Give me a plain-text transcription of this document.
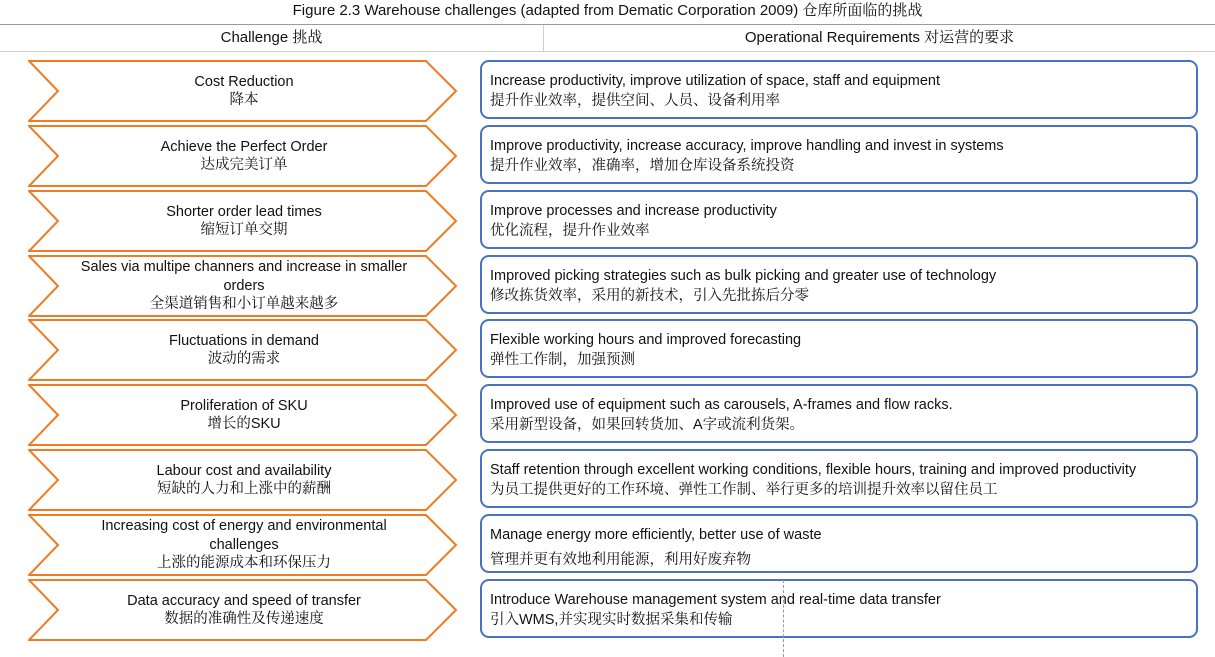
Figure 2.3 Warehouse challenges (adapted from Dematic Corporation 2009) 仓库所面临的挑战
Challenge 挑战	Operational Requirements 对运营的要求
Cost Reduction
降本
Increase productivity, improve utilization of space, staff and equipment
提升作业效率，提供空间、人员、设备利用率
Achieve the Perfect Order
达成完美订单
Improve productivity, increase accuracy, improve handling and invest in systems
提升作业效率，准确率，增加仓库设备系统投资
Shorter order lead times
缩短订单交期
Improve processes and increase productivity
优化流程，提升作业效率
Sales via multipe channers and increase in smaller orders
全渠道销售和小订单越来越多
Improved picking strategies such as bulk picking and greater use of technology
修改拣货效率，采用的新技术，引入先批拣后分零
Fluctuations in demand
波动的需求
Flexible working hours and improved forecasting
弹性工作制，加强预测
Proliferation of SKU
增长的SKU
Improved use of equipment such as carousels, A-frames and flow racks.
采用新型设备，如果回转货加、A字或流利货架。
Labour cost and availability
短缺的人力和上涨中的薪酬
Staff retention through excellent working conditions, flexible hours, training and improved productivity
为员工提供更好的工作环境、弹性工作制、举行更多的培训提升效率以留住员工
Increasing cost of energy and environmental challenges
上涨的能源成本和环保压力
Manage energy more efficiently, better use of waste
管理并更有效地利用能源，利用好废弃物
Data accuracy and speed of transfer
数据的准确性及传递速度
Introduce Warehouse management system and real-time data transfer
引入WMS,并实现实时数据采集和传输
